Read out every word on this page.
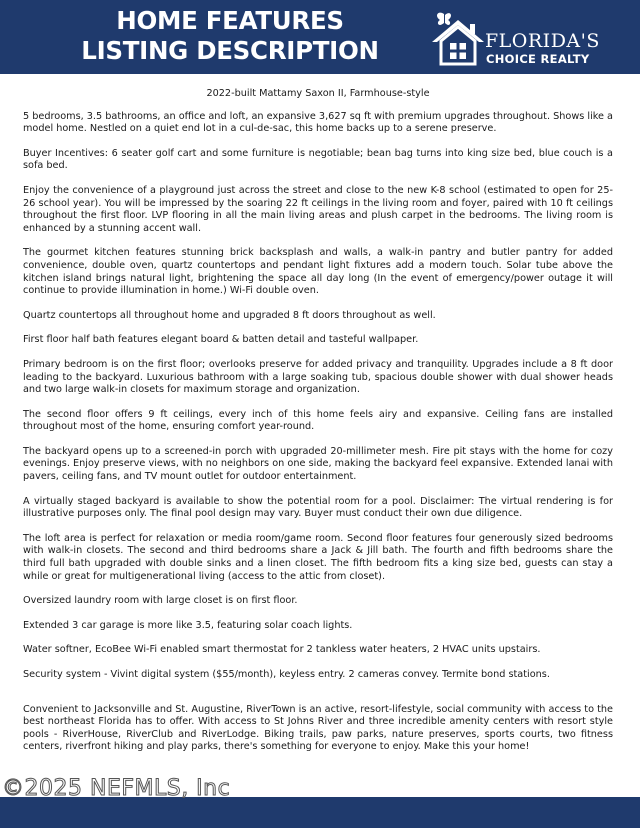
HOME FEATURES
LISTING DESCRIPTION	FLORIDA'S
CHOICE REALTY

2022-built Mattamy Saxon II, Farmhouse-style

5 bedrooms, 3.5 bathrooms, an office and loft, an expansive 3,627 sq ft with premium upgrades throughout. Shows like a model home. Nestled on a quiet end lot in a cul-de-sac, this home backs up to a serene preserve.

Buyer Incentives: 6 seater golf cart and some furniture is negotiable; bean bag turns into king size bed, blue couch is a sofa bed.

Enjoy the convenience of a playground just across the street and close to the new K-8 school (estimated to open for 25-26 school year). You will be impressed by the soaring 22 ft ceilings in the living room and foyer, paired with 10 ft ceilings throughout the first floor. LVP flooring in all the main living areas and plush carpet in the bedrooms. The living room is enhanced by a stunning accent wall.

The gourmet kitchen features stunning brick backsplash and walls, a walk-in pantry and butler pantry for added convenience, double oven, quartz countertops and pendant light fixtures add a modern touch. Solar tube above the kitchen island brings natural light, brightening the space all day long (In the event of emergency/power outage it will continue to provide illumination in home.) Wi-Fi double oven.

Quartz countertops all throughout home and upgraded 8 ft doors throughout as well.

First floor half bath features elegant board & batten detail and tasteful wallpaper.

Primary bedroom is on the first floor; overlooks preserve for added privacy and tranquility. Upgrades include a 8 ft door leading to the backyard. Luxurious bathroom with a large soaking tub, spacious double shower with dual shower heads and two large walk-in closets for maximum storage and organization.

The second floor offers 9 ft ceilings, every inch of this home feels airy and expansive. Ceiling fans are installed throughout most of the home, ensuring comfort year-round.

The backyard opens up to a screened-in porch with upgraded 20-millimeter mesh. Fire pit stays with the home for cozy evenings. Enjoy preserve views, with no neighbors on one side, making the backyard feel expansive. Extended lanai with pavers, ceiling fans, and TV mount outlet for outdoor entertainment.

A virtually staged backyard is available to show the potential room for a pool. Disclaimer: The virtual rendering is for illustrative purposes only. The final pool design may vary. Buyer must conduct their own due diligence.

The loft area is perfect for relaxation or media room/game room. Second floor features four generously sized bedrooms with walk-in closets. The second and third bedrooms share a Jack & Jill bath. The fourth and fifth bedrooms share the third full bath upgraded with double sinks and a linen closet. The fifth bedroom fits a king size bed, guests can stay a while or great for multigenerational living (access to the attic from closet).

Oversized laundry room with large closet is on first floor.

Extended 3 car garage is more like 3.5, featuring solar coach lights.

Water softner, EcoBee Wi-Fi enabled smart thermostat for 2 tankless water heaters, 2 HVAC units upstairs.

Security system - Vivint digital system ($55/month), keyless entry. 2 cameras convey. Termite bond stations.

Convenient to Jacksonville and St. Augustine, RiverTown is an active, resort-lifestyle, social community with access to the best northeast Florida has to offer. With access to St Johns River and three incredible amenity centers with resort style pools - RiverHouse, RiverClub and RiverLodge. Biking trails, paw parks, nature preserves, sports courts, two fitness centers, riverfront hiking and play parks, there's something for everyone to enjoy. Make this your home!

©2025 NEFMLS, Inc
